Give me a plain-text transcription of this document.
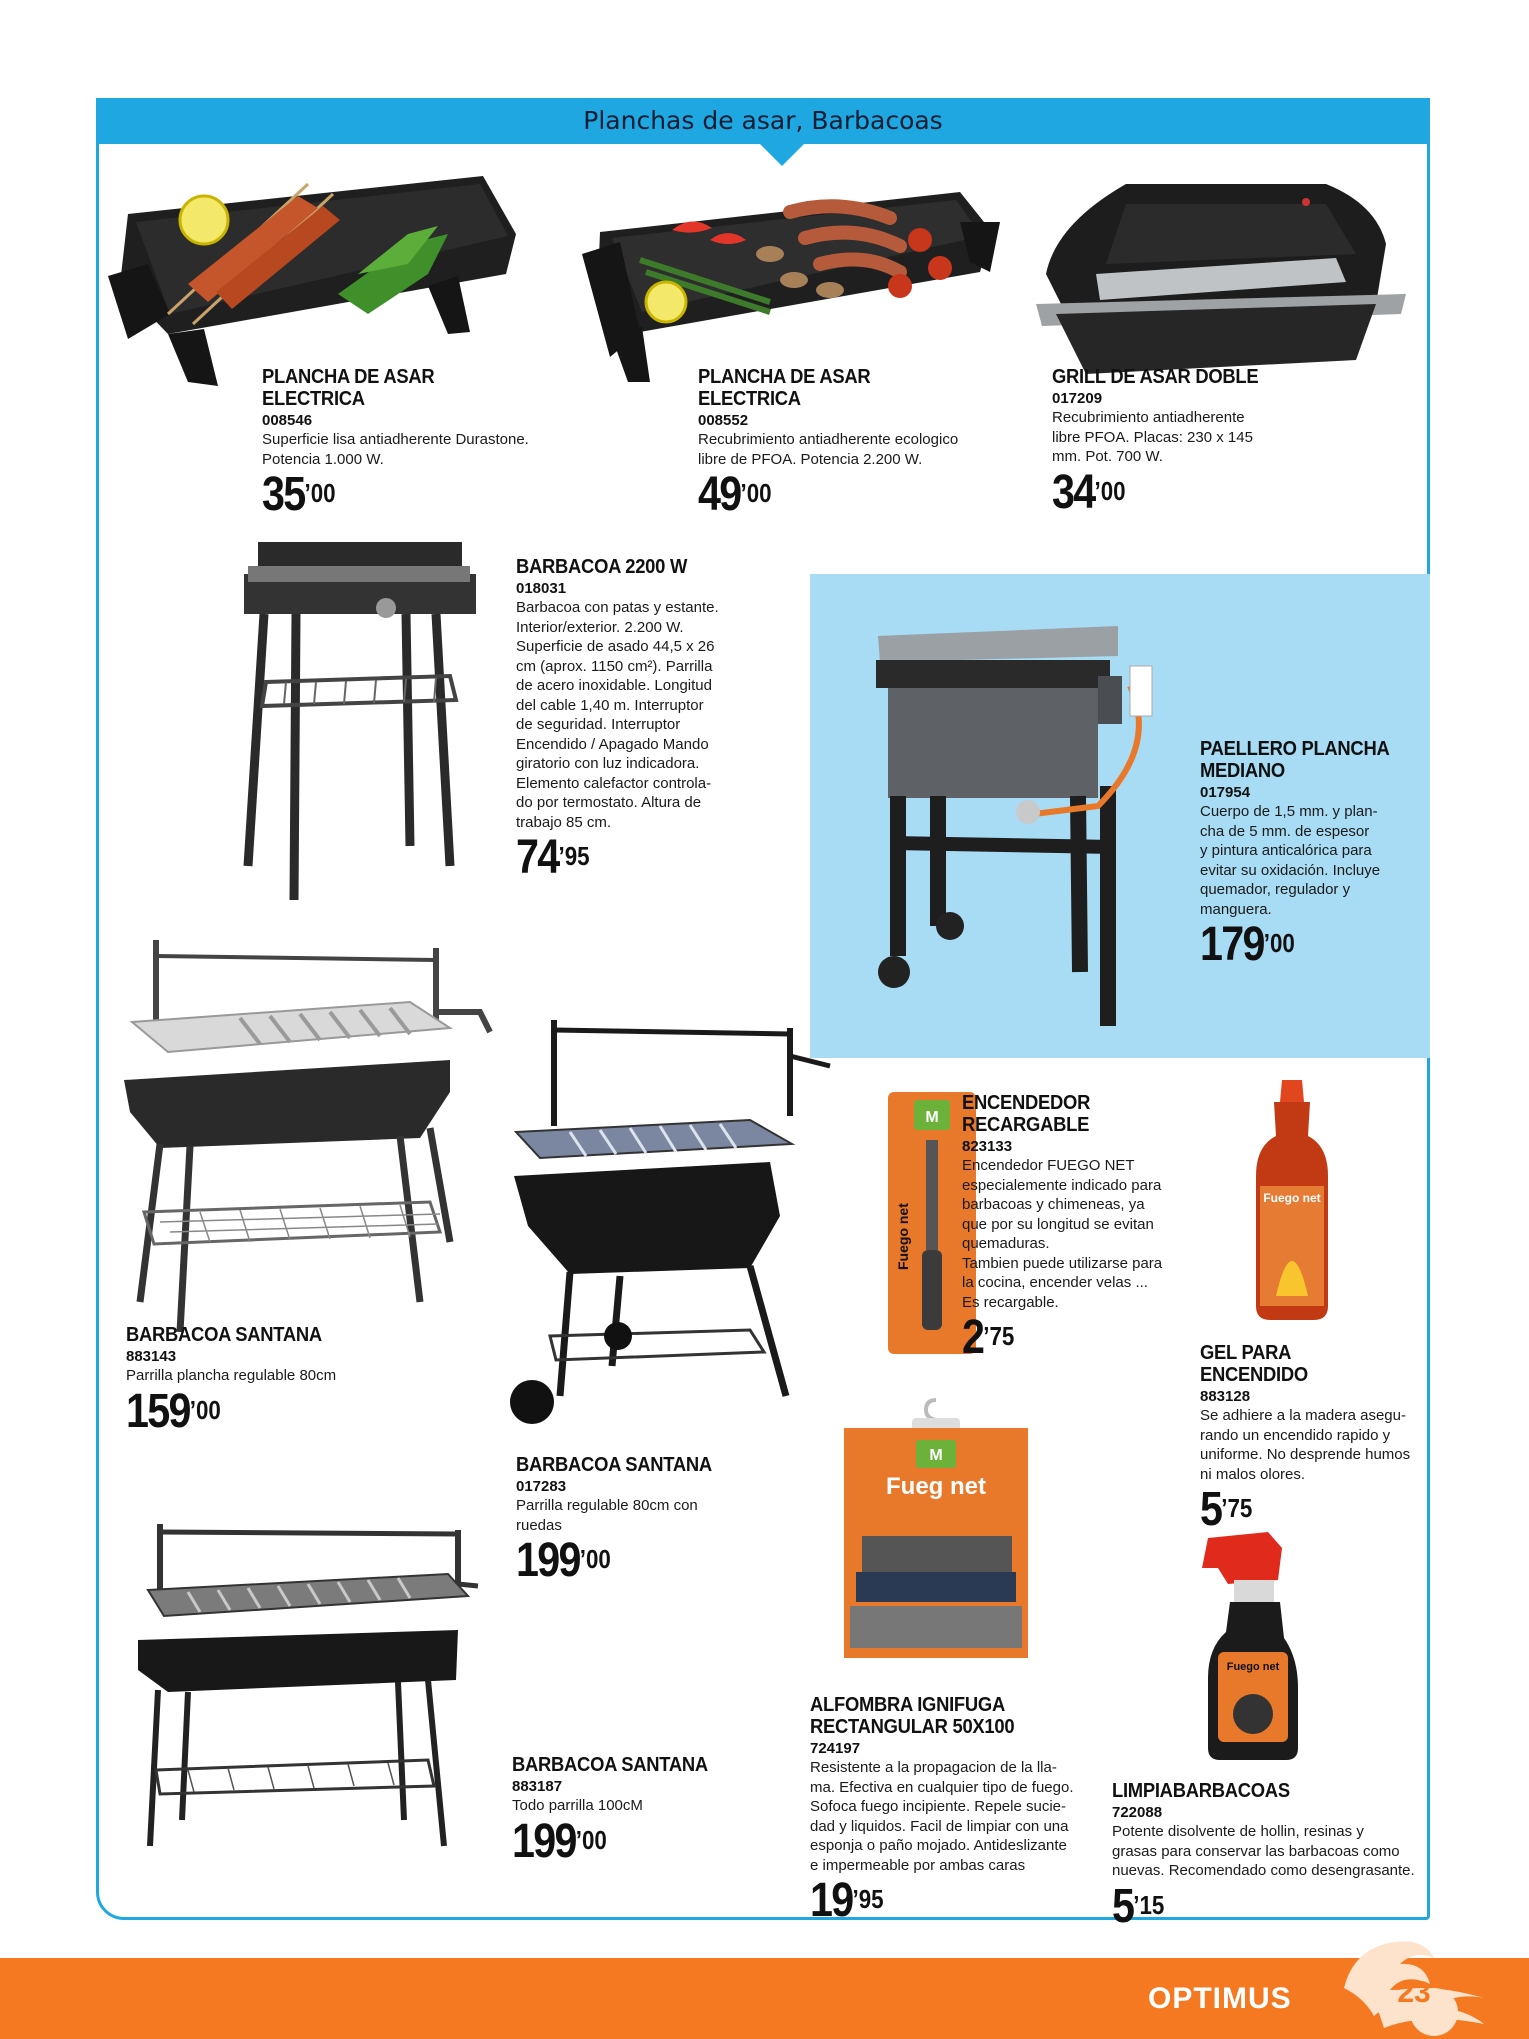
Planchas de asar, Barbacoas
M
Fuego net
Fuego net
M
Fueg net
Fuego net
PLANCHA DE ASAR ELECTRICA
008546
Superficie lisa antiadherente Durastone.
Potencia 1.000 W.
$35^{’00}$
PLANCHA DE ASAR ELECTRICA
008552
Recubrimiento antiadherente ecologico
libre de PFOA. Potencia 2.200 W.
$49^{’00}$
GRILL DE ASAR DOBLE
017209
Recubrimiento antiadherente
libre PFOA. Placas: 230 x 145
mm. Pot. 700 W.
$34^{’00}$
BARBACOA 2200 W
018031
Barbacoa con patas y estante.
Interior/exterior. 2.200 W.
Superficie de asado 44,5 x 26
cm (aprox. 1150 cm²). Parrilla
de acero inoxidable. Longitud
del cable 1,40 m. Interruptor
de seguridad. Interruptor
Encendido / Apagado Mando
giratorio con luz indicadora.
Elemento calefactor controla-
do por termostato. Altura de
trabajo 85 cm.
$74^{’95}$
PAELLERO PLANCHA
MEDIANO
017954
Cuerpo de 1,5 mm. y plan-
cha de 5 mm. de espesor
y pintura anticalórica para
evitar su oxidación. Incluye
quemador, regulador y
manguera.
$179^{’00}$
BARBACOA SANTANA
883143
Parrilla plancha regulable 80cm
$159^{’00}$
BARBACOA SANTANA
017283
Parrilla regulable 80cm con
ruedas
$199^{’00}$
ENCENDEDOR
RECARGABLE
823133
Encendedor FUEGO NET
especialemente indicado para
barbacoas y chimeneas, ya
que por su longitud se evitan
quemaduras.
Tambien puede utilizarse para
la cocina, encender velas ...
Es recargable.
$2^{’75}$
GEL PARA ENCENDIDO
883128
Se adhiere a la madera asegu-
rando un encendido rapido y
uniforme. No desprende humos
ni malos olores.
$5^{’75}$
BARBACOA SANTANA
883187
Todo parrilla 100cM
$199^{’00}$
ALFOMBRA IGNIFUGA
RECTANGULAR 50X100
724197
Resistente a la propagacion de la lla-
ma. Efectiva en cualquier tipo de fuego.
Sofoca fuego incipiente. Repele sucie-
dad y liquidos. Facil de limpiar con una
esponja o paño mojado. Antideslizante
e impermeable por ambas caras
$19^{’95}$
LIMPIABARBACOAS
722088
Potente disolvente de hollin, resinas y
grasas para conservar las barbacoas como
nuevas. Recomendado como desengrasante.
$5^{’15}$
OPTIMUS	23
